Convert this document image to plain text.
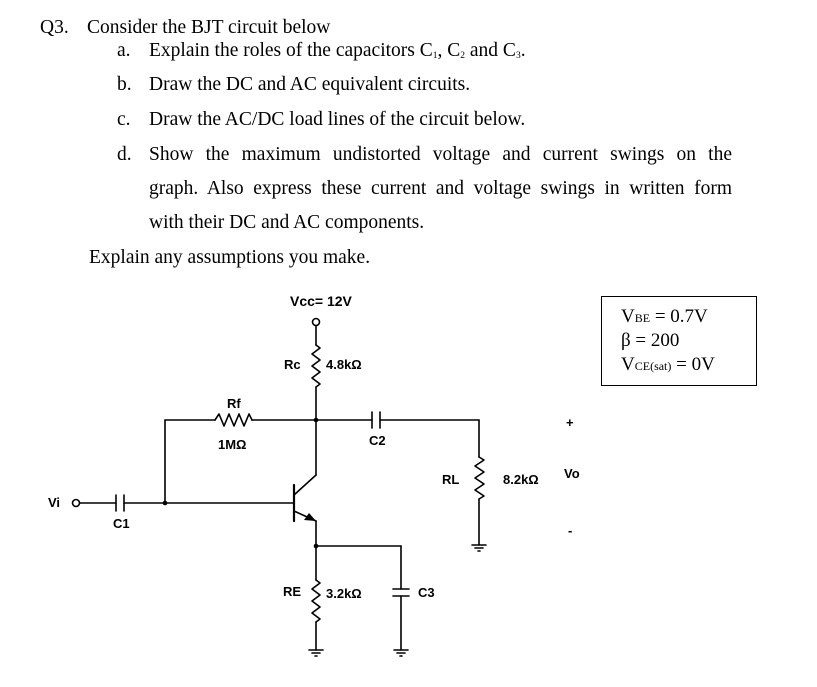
Q3. Consider the BJT circuit below
a. Explain the roles of the capacitors $C_1$, $C_2$ and $C_3$.
b. Draw the DC and AC equivalent circuits.
c. Draw the AC/DC load lines of the circuit below.
d. Show the maximum undistorted voltage and current swings on the
graph. Also express these current and voltage swings in written form
with their DC and AC components.
Explain any assumptions you make.
Vcc= 12V
Rc 4.8kΩ
Rf
1MΩ	C2
RL	8.2kΩ Vo
+
-
Vi
C1
RE 3.2kΩ	C3
VBE = 0.7V
β = 200
VCE(sat) = 0V
